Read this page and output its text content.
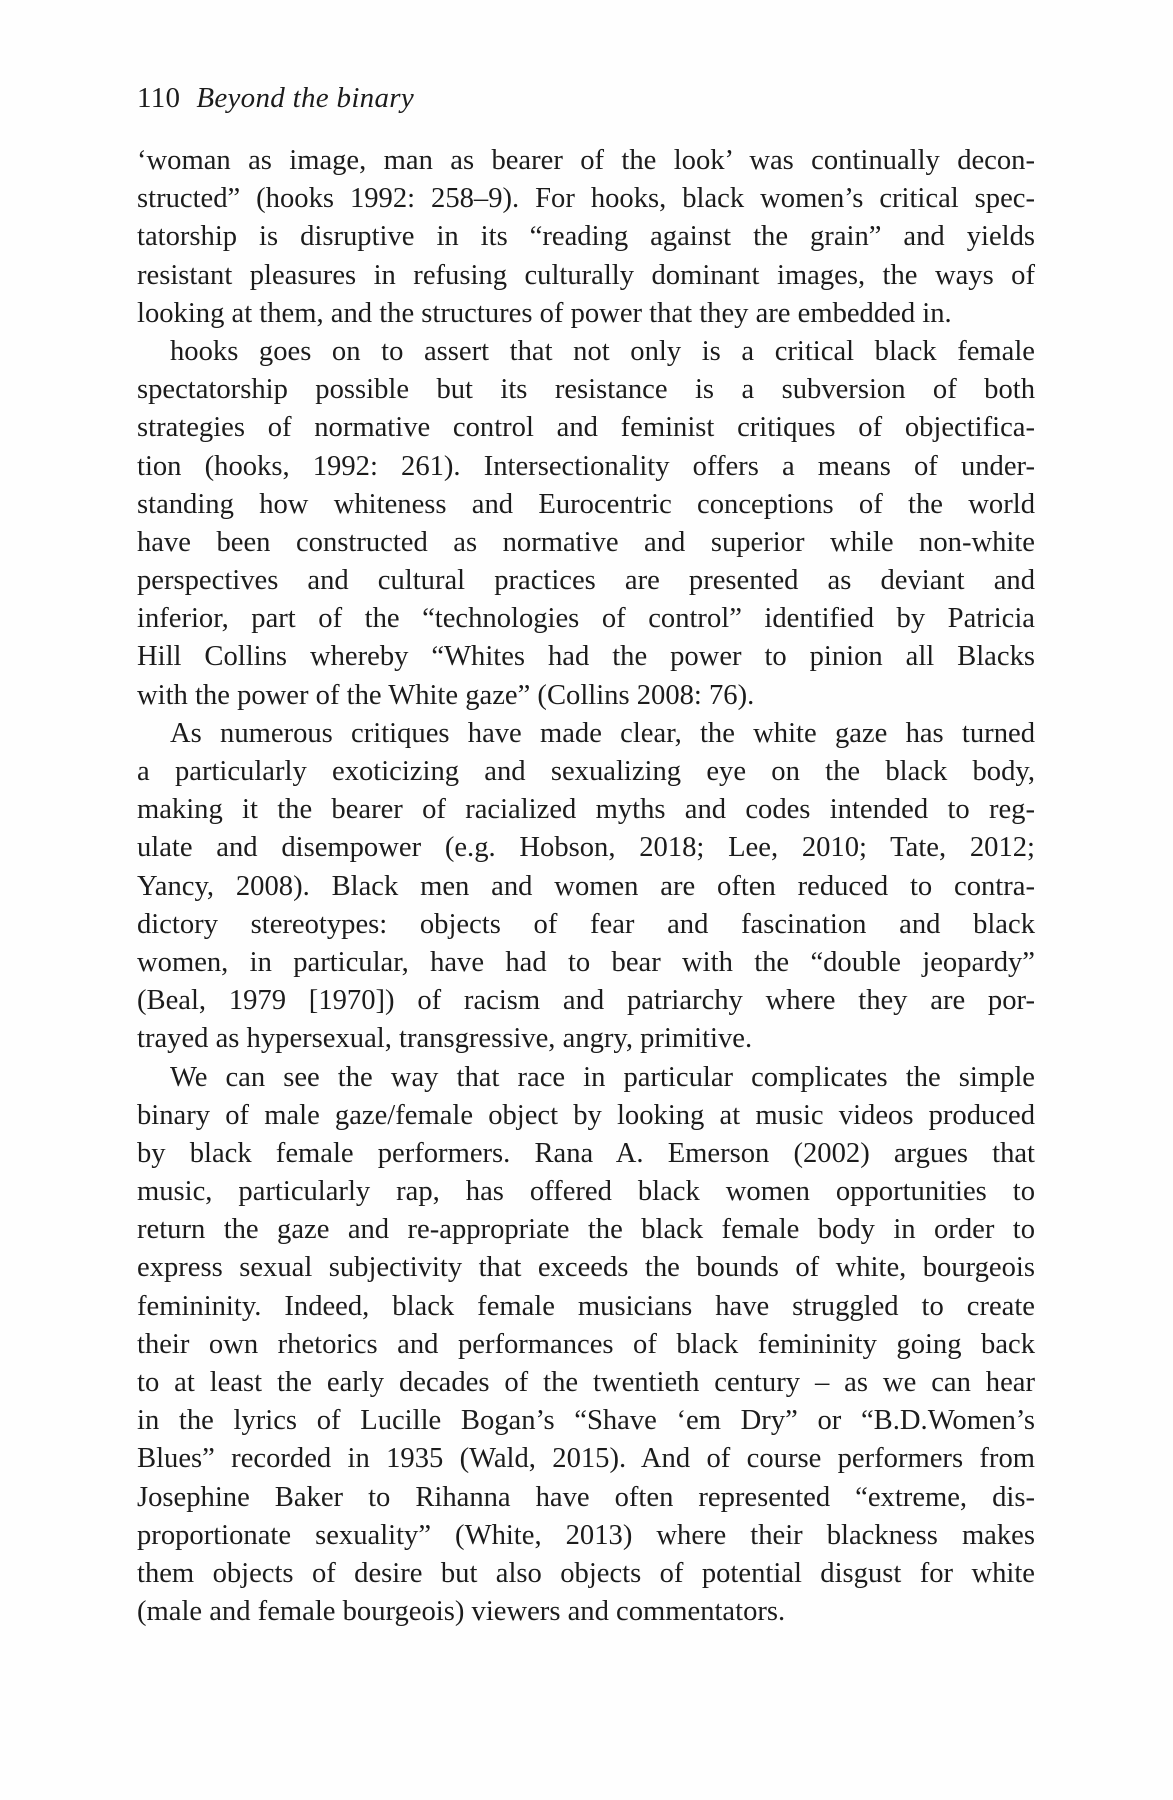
110 Beyond the binary
‘woman as image, man as bearer of the look’ was continually decon-
structed” (hooks 1992: 258–9). For hooks, black women’s critical spec-
tatorship is disruptive in its “reading against the grain” and yields
resistant pleasures in refusing culturally dominant images, the ways of
looking at them, and the structures of power that they are embedded in.
hooks goes on to assert that not only is a critical black female
spectatorship possible but its resistance is a subversion of both
strategies of normative control and feminist critiques of objectifica-
tion (hooks, 1992: 261). Intersectionality offers a means of under-
standing how whiteness and Eurocentric conceptions of the world
have been constructed as normative and superior while non-white
perspectives and cultural practices are presented as deviant and
inferior, part of the “technologies of control” identified by Patricia
Hill Collins whereby “Whites had the power to pinion all Blacks
with the power of the White gaze” (Collins 2008: 76).
As numerous critiques have made clear, the white gaze has turned
a particularly exoticizing and sexualizing eye on the black body,
making it the bearer of racialized myths and codes intended to reg-
ulate and disempower (e.g. Hobson, 2018; Lee, 2010; Tate, 2012;
Yancy, 2008). Black men and women are often reduced to contra-
dictory stereotypes: objects of fear and fascination and black
women, in particular, have had to bear with the “double jeopardy”
(Beal, 1979 [1970]) of racism and patriarchy where they are por-
trayed as hypersexual, transgressive, angry, primitive.
We can see the way that race in particular complicates the simple
binary of male gaze/female object by looking at music videos produced
by black female performers. Rana A. Emerson (2002) argues that
music, particularly rap, has offered black women opportunities to
return the gaze and re-appropriate the black female body in order to
express sexual subjectivity that exceeds the bounds of white, bourgeois
femininity. Indeed, black female musicians have struggled to create
their own rhetorics and performances of black femininity going back
to at least the early decades of the twentieth century – as we can hear
in the lyrics of Lucille Bogan’s “Shave ‘em Dry” or “B.D.Women’s
Blues” recorded in 1935 (Wald, 2015). And of course performers from
Josephine Baker to Rihanna have often represented “extreme, dis-
proportionate sexuality” (White, 2013) where their blackness makes
them objects of desire but also objects of potential disgust for white
(male and female bourgeois) viewers and commentators.
